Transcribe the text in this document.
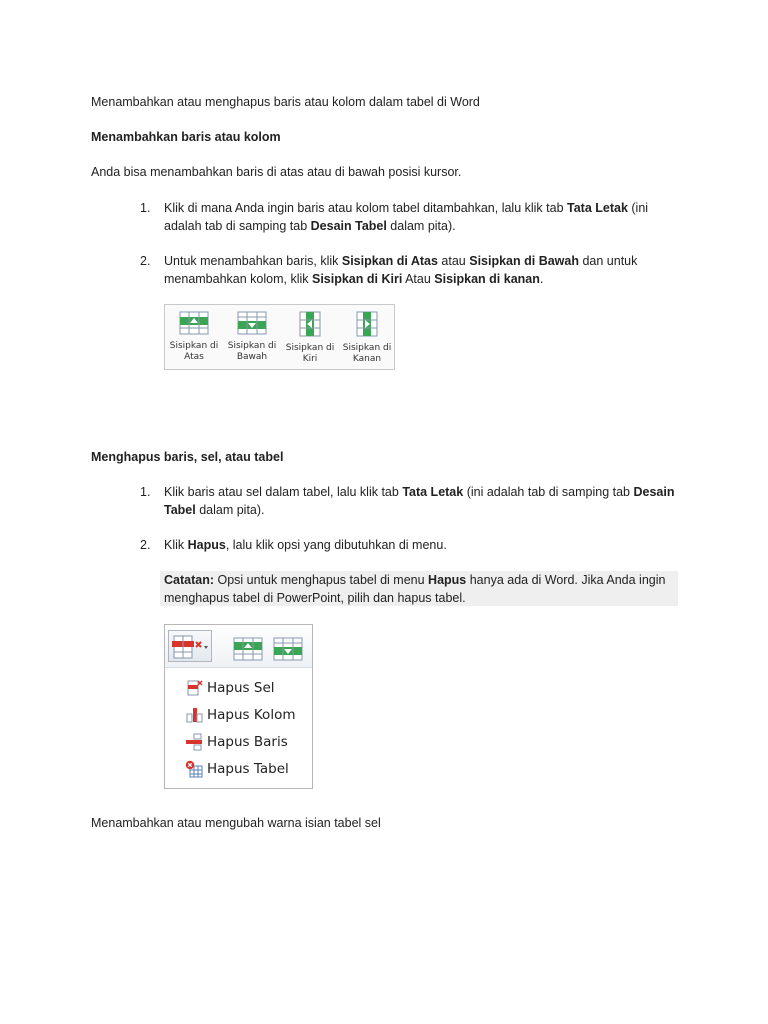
Menambahkan atau menghapus baris atau kolom dalam tabel di Word
Menambahkan baris atau kolom
Anda bisa menambahkan baris di atas atau di bawah posisi kursor.
1. Klik di mana Anda ingin baris atau kolom tabel ditambahkan, lalu klik tab Tata Letak (ini
adalah tab di samping tab Desain Tabel dalam pita).
2. Untuk menambahkan baris, klik Sisipkan di Atas atau Sisipkan di Bawah dan untuk
menambahkan kolom, klik Sisipkan di Kiri Atau Sisipkan di kanan.
Sisipkan di
Atas
Sisipkan di
Bawah
Sisipkan di
Kiri
Sisipkan di
Kanan
Menghapus baris, sel, atau tabel
1. Klik baris atau sel dalam tabel, lalu klik tab Tata Letak (ini adalah tab di samping tab Desain
Tabel dalam pita).
2. Klik Hapus, lalu klik opsi yang dibutuhkan di menu.
Catatan: Opsi untuk menghapus tabel di menu Hapus hanya ada di Word. Jika Anda ingin
menghapus tabel di PowerPoint, pilih dan hapus tabel.
Hapus Sel
Hapus Kolom
Hapus Baris
Hapus Tabel
Menambahkan atau mengubah warna isian tabel sel
